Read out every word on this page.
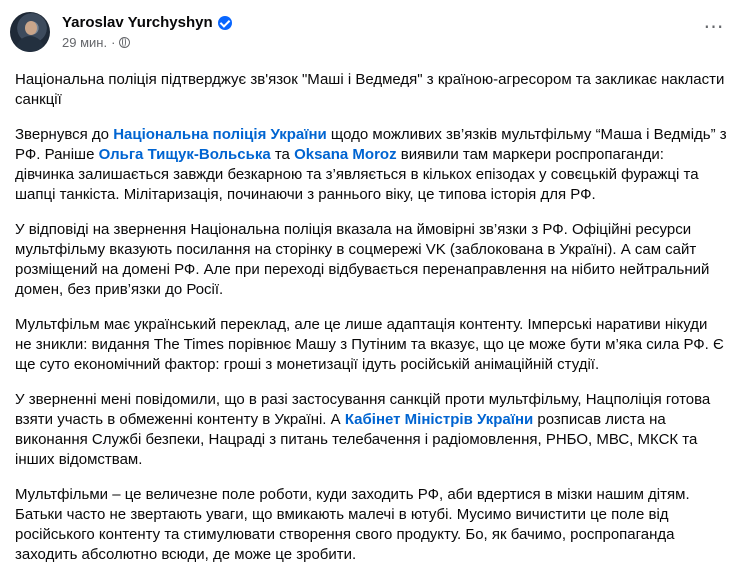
Yaroslav Yurchyshyn
29 мин. ·
⋯

Національна поліція підтверджує зв'язок "Маші і Ведмедя" з країною-агресором та закликає накласти санкції

Звернувся до Національна поліція України щодо можливих зв’язків мультфільму “Маша і Ведмідь” з РФ. Раніше Ольга Тищук-Вольська та Oksana Moroz виявили там маркери роспропаганди: дівчинка залишається завжди безкарною та з’являється в кількох епізодах у совєцькій фуражці та шапці танкіста. Мілітаризація, починаючи з раннього віку, це типова історія для РФ.

У відповіді на звернення Національна поліція вказала на ймовірні зв’язки з РФ. Офіційні ресурси мультфільму вказують посилання на сторінку в соцмережі VK (заблокована в Україні). А сам сайт розміщений на домені РФ. Але при переході відбувається перенаправлення на нібито нейтральний домен, без прив’язки до Росії.

Мультфільм має український переклад, але це лише адаптація контенту. Імперські наративи нікуди не зникли: видання The Times порівнює Машу з Путіним та вказує, що це може бути м’яка сила РФ. Є ще суто економічний фактор: гроші з монетизації ідуть російській анімаційній студії.

У зверненні мені повідомили, що в разі застосування санкцій проти мультфільму, Нацполіція готова взяти участь в обмеженні контенту в Україні. А Кабінет Міністрів України розписав листа на виконання Службі безпеки, Нацраді з питань телебачення і радіомовлення, РНБО, МВС, МКСК та інших відомствам.

Мультфільми – це величезне поле роботи, куди заходить РФ, аби вдертися в мізки нашим дітям. Батьки часто не звертають уваги, що вмикають малечі в ютубі. Мусимо вичистити це поле від російського контенту та стимулювати створення свого продукту. Бо, як бачимо, роспропаганда заходить абсолютно всюди, де може це зробити.
